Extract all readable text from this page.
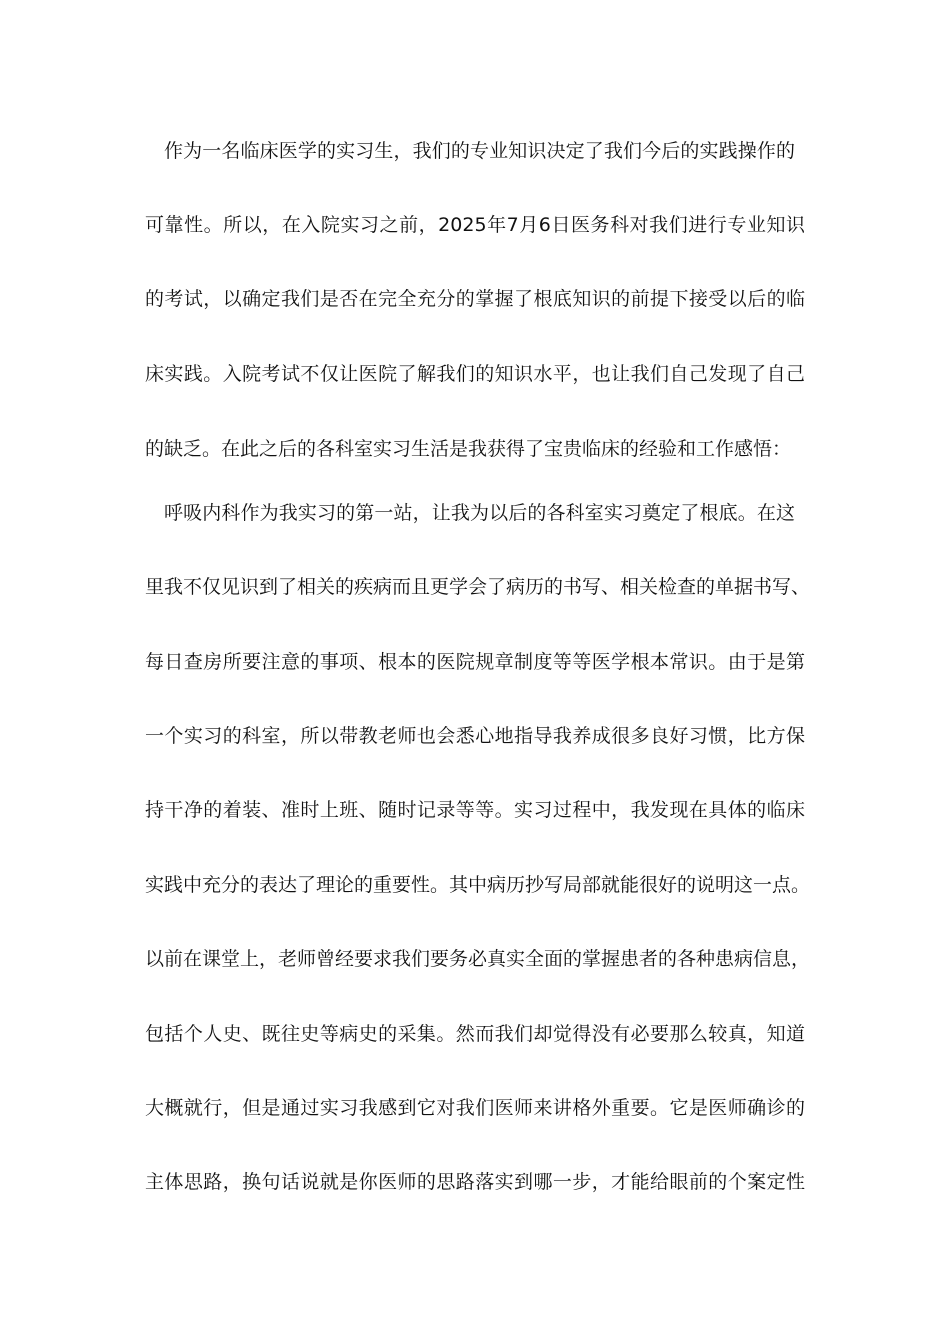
作为一名临床医学的实习生，我们的专业知识决定了我们今后的实践操作的
可靠性。所以，在入院实习之前，2025年7月6日医务科对我们进行专业知识
的考试，以确定我们是否在完全充分的掌握了根底知识的前提下接受以后的临
床实践。入院考试不仅让医院了解我们的知识水平，也让我们自己发现了自己
的缺乏。在此之后的各科室实习生活是我获得了宝贵临床的经验和工作感悟：
呼吸内科作为我实习的第一站，让我为以后的各科室实习奠定了根底。在这
里我不仅见识到了相关的疾病而且更学会了病历的书写、相关检查的单据书写、
每日查房所要注意的事项、根本的医院规章制度等等医学根本常识。由于是第
一个实习的科室，所以带教老师也会悉心地指导我养成很多良好习惯，比方保
持干净的着装、准时上班、随时记录等等。实习过程中，我发现在具体的临床
实践中充分的表达了理论的重要性。其中病历抄写局部就能很好的说明这一点。
以前在课堂上，老师曾经要求我们要务必真实全面的掌握患者的各种患病信息，
包括个人史、既往史等病史的采集。然而我们却觉得没有必要那么较真，知道
大概就行，但是通过实习我感到它对我们医师来讲格外重要。它是医师确诊的
主体思路，换句话说就是你医师的思路落实到哪一步，才能给眼前的个案定性
